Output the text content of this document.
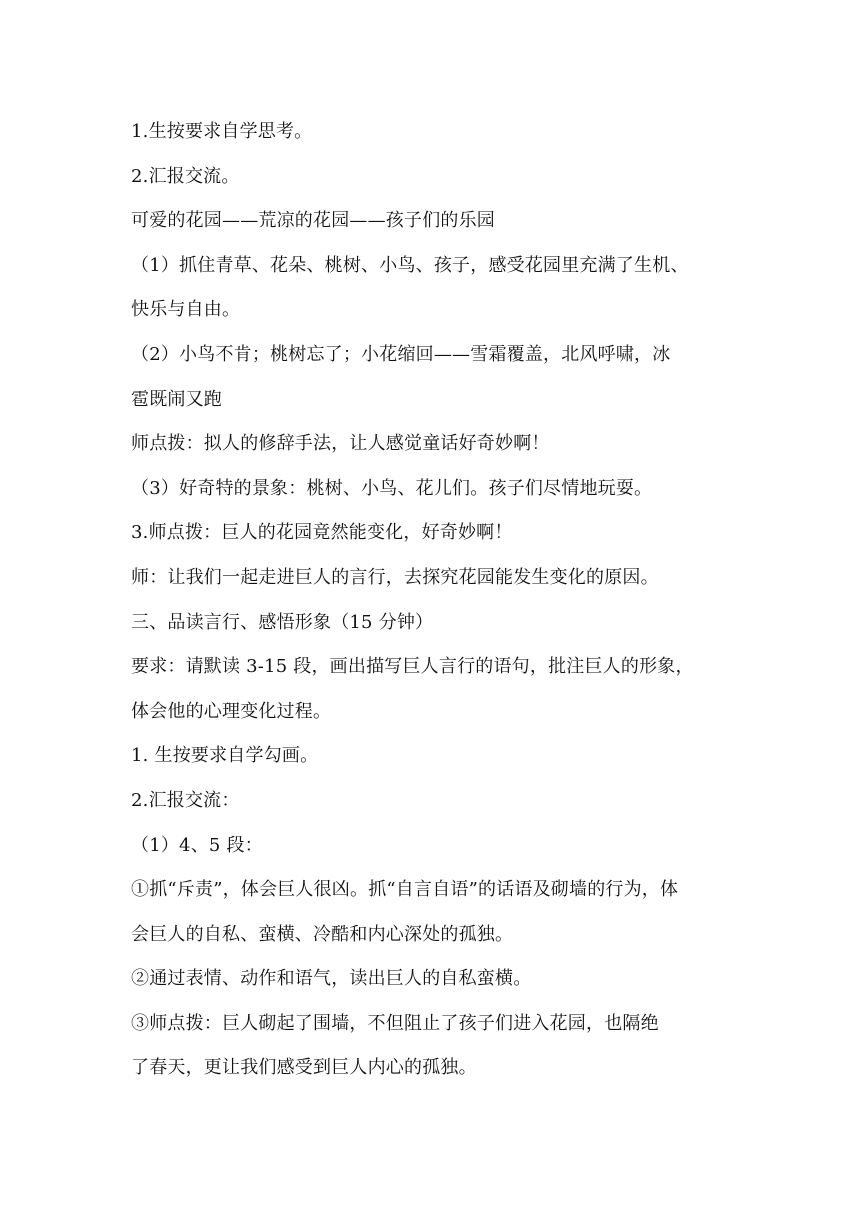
1.生按要求自学思考。
2.汇报交流。
可爱的花园——荒凉的花园——孩子们的乐园
（1）抓住青草、花朵、桃树、小鸟、孩子，感受花园里充满了生机、
快乐与自由。
（2）小鸟不肯；桃树忘了；小花缩回——雪霜覆盖，北风呼啸，冰
雹既闹又跑
师点拨：拟人的修辞手法，让人感觉童话好奇妙啊！
（3）好奇特的景象：桃树、小鸟、花儿们。孩子们尽情地玩耍。
3.师点拨：巨人的花园竟然能变化，好奇妙啊！
师：让我们一起走进巨人的言行，去探究花园能发生变化的原因。
三、品读言行、感悟形象（15 分钟）
要求：请默读 3-15 段，画出描写巨人言行的语句，批注巨人的形象，
体会他的心理变化过程。
1. 生按要求自学勾画。
2.汇报交流：
（1）4、5 段：
①抓“斥责”，体会巨人很凶。抓“自言自语”的话语及砌墙的行为，体
会巨人的自私、蛮横、冷酷和内心深处的孤独。
②通过表情、动作和语气，读出巨人的自私蛮横。
③师点拨：巨人砌起了围墙，不但阻止了孩子们进入花园，也隔绝
了春天，更让我们感受到巨人内心的孤独。
